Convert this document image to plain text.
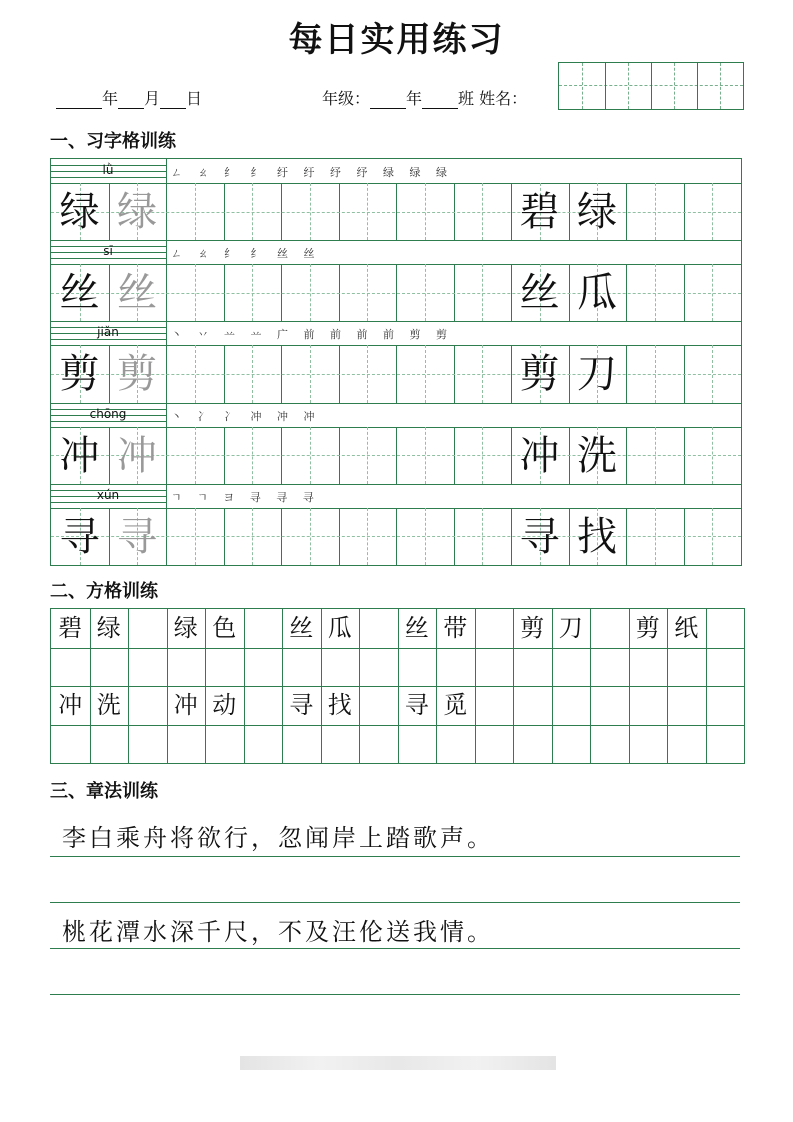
每日实用练习
年 月 日	年级： 年 班 姓名：
一、习字格训练
lǜ	ㄥ ㄠ 纟 纟 纡 纡 纾 纾 绿 绿 绿
绿 绿	碧 绿
sī	ㄥ ㄠ 纟 纟 丝 丝
丝 丝	丝 瓜
jiǎn	丶 丷 䒑 䒑 广 前 前 前 前 剪 剪
剪 剪	剪 刀
chōng	丶 冫 冫 冲 冲 冲
冲 冲	冲 洗
xún	ㄱ ㄱ ヨ 寻 寻 寻
寻 寻	寻 找
二、方格训练
碧 绿	绿 色	丝 瓜	丝 带	剪 刀	剪 纸
冲 洗	冲 动	寻 找	寻 觅
三、章法训练
李白乘舟将欲行，忽闻岸上踏歌声。
桃花潭水深千尺，不及汪伦送我情。
